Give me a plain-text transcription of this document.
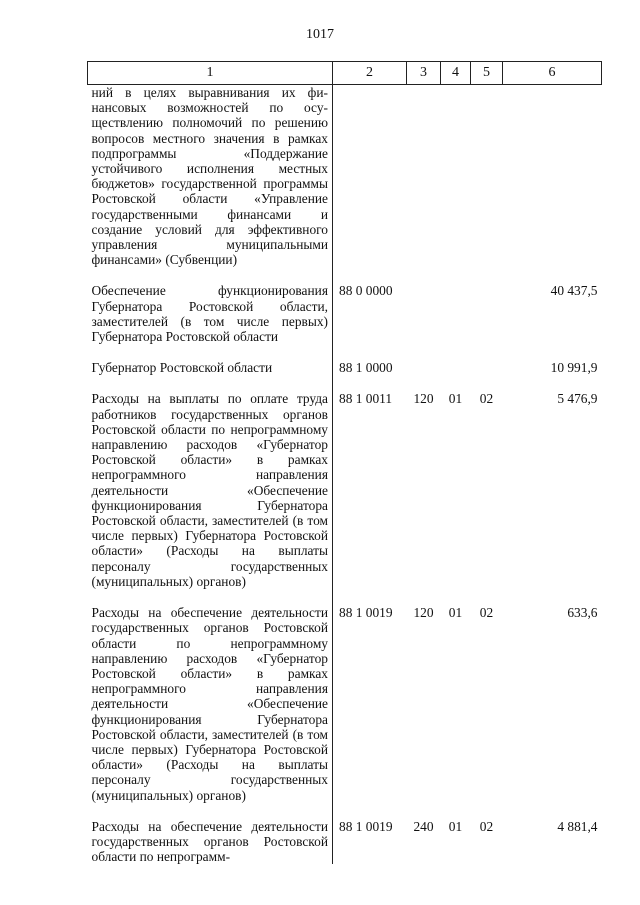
1017
1	2	3	4	5	6
ний в целях выравнивания их финансовых возможностей по осуществлению полномочий по решению вопросов местного значения в рамках подпрограммы «Поддержание устойчивого исполнения местных бюджетов» государственной программы Ростовской области «Управление государственными финансами и создание условий для эффективного управления муниципальными финансами» (Субвенции)					

Обеспечение функционирования Губернатора Ростовской области, заместителей (в том числе первых) Губернатора Ростовской области	88 0 0000				40 437,5

Губернатор Ростовской области	88 1 0000				10 991,9

Расходы на выплаты по оплате труда работников государственных органов Ростовской области по непрограммному направлению расходов «Губернатор Ростовской области» в рамках непрограммного направления деятельности «Обеспечение функционирования Губернатора Ростовской области, заместителей (в том числе первых) Губернатора Ростовской области» (Расходы на выплаты персоналу государственных (муниципальных) органов)	88 1 0011	120	01	02	5 476,9

Расходы на обеспечение деятельности государственных органов Ростовской области по непрограммному направлению расходов «Губернатор Ростовской области» в рамках непрограммного направления деятельности «Обеспечение функционирования Губернатора Ростовской области, заместителей (в том числе первых) Губернатора Ростовской области» (Расходы на выплаты персоналу государственных (муниципальных) органов)	88 1 0019	120	01	02	633,6

Расходы на обеспечение деятельности государственных органов Ростовской области по непрограмм-	88 1 0019	240	01	02	4 881,4
